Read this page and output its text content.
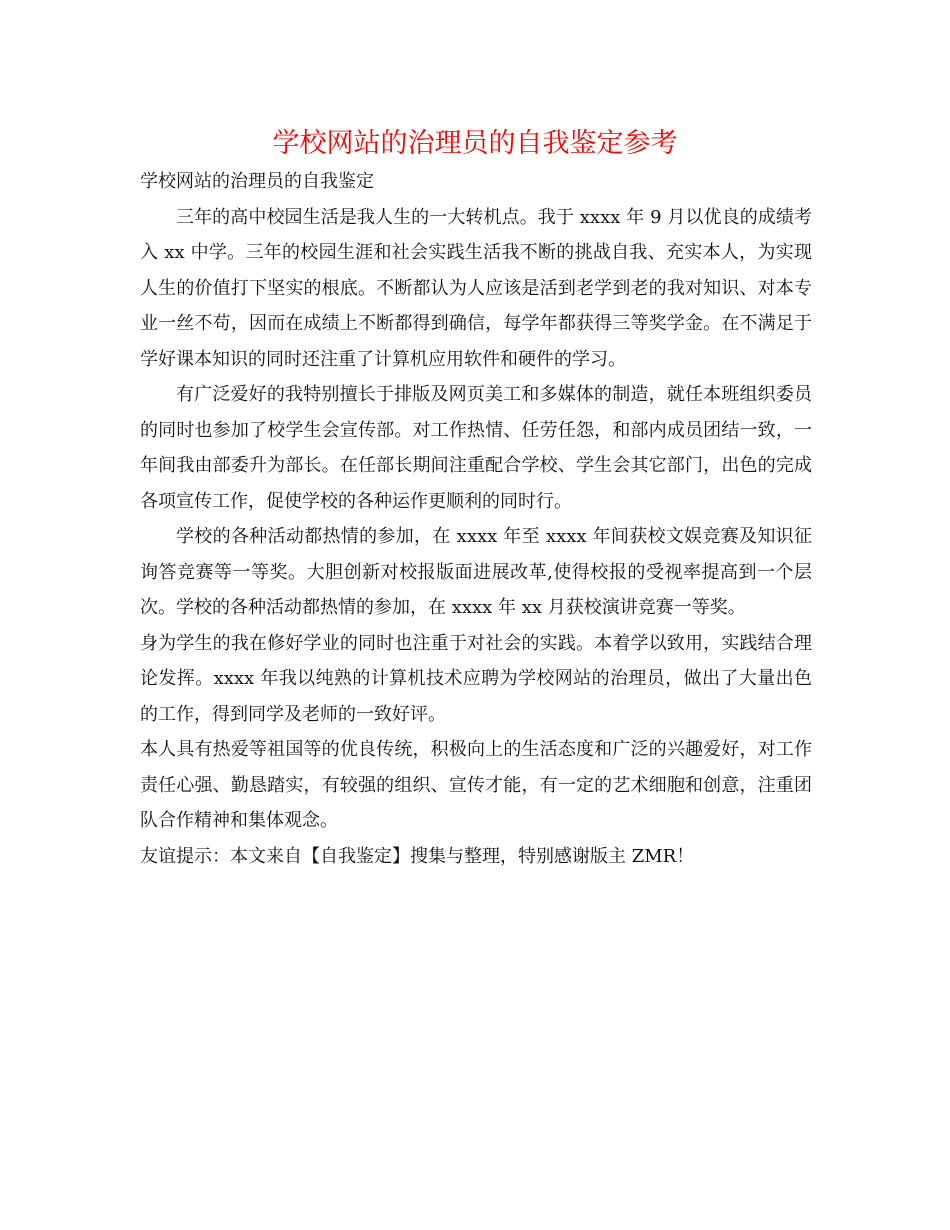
学校网站的治理员的自我鉴定参考

学校网站的治理员的自我鉴定

三年的高中校园生活是我人生的一大转机点。我于 xxxx 年 9 月以优良的成绩考入 xx 中学。三年的校园生涯和社会实践生活我不断的挑战自我、充实本人，为实现人生的价值打下坚实的根底。不断都认为人应该是活到老学到老的我对知识、对本专业一丝不苟，因而在成绩上不断都得到确信，每学年都获得三等奖学金。在不满足于学好课本知识的同时还注重了计算机应用软件和硬件的学习。

有广泛爱好的我特别擅长于排版及网页美工和多媒体的制造，就任本班组织委员的同时也参加了校学生会宣传部。对工作热情、任劳任怨，和部内成员团结一致，一年间我由部委升为部长。在任部长期间注重配合学校、学生会其它部门，出色的完成各项宣传工作，促使学校的各种运作更顺利的同时行。

学校的各种活动都热情的参加，在 xxxx 年至 xxxx 年间获校文娱竞赛及知识征询答竞赛等一等奖。大胆创新对校报版面进展改革,使得校报的受视率提高到一个层次。学校的各种活动都热情的参加，在 xxxx 年 xx 月获校演讲竞赛一等奖。

身为学生的我在修好学业的同时也注重于对社会的实践。本着学以致用，实践结合理论发挥。xxxx 年我以纯熟的计算机技术应聘为学校网站的治理员，做出了大量出色的工作，得到同学及老师的一致好评。

本人具有热爱等祖国等的优良传统，积极向上的生活态度和广泛的兴趣爱好，对工作责任心强、勤恳踏实，有较强的组织、宣传才能，有一定的艺术细胞和创意，注重团队合作精神和集体观念。

友谊提示：本文来自【自我鉴定】搜集与整理，特别感谢版主 ZMR！
